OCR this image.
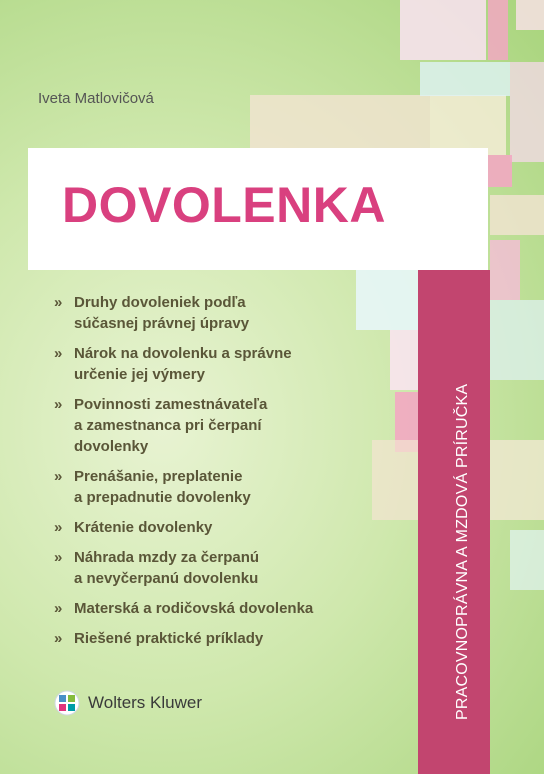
Iveta Matlovičová
DOVOLENKA
» Druhy dovoleniek podľa
súčasnej právnej úpravy
» Nárok na dovolenku a správne
určenie jej výmery
» Povinnosti zamestnávateľa
a zamestnanca pri čerpaní
dovolenky
» Prenášanie, preplatenie
a prepadnutie dovolenky
» Krátenie dovolenky
» Náhrada mzdy za čerpanú
a nevyčerpanú dovolenku
» Materská a rodičovská dovolenka
» Riešené praktické príklady	PRACOVNOPRÁVNA A MZDOVÁ PRÍRUČKA
Wolters Kluwer
